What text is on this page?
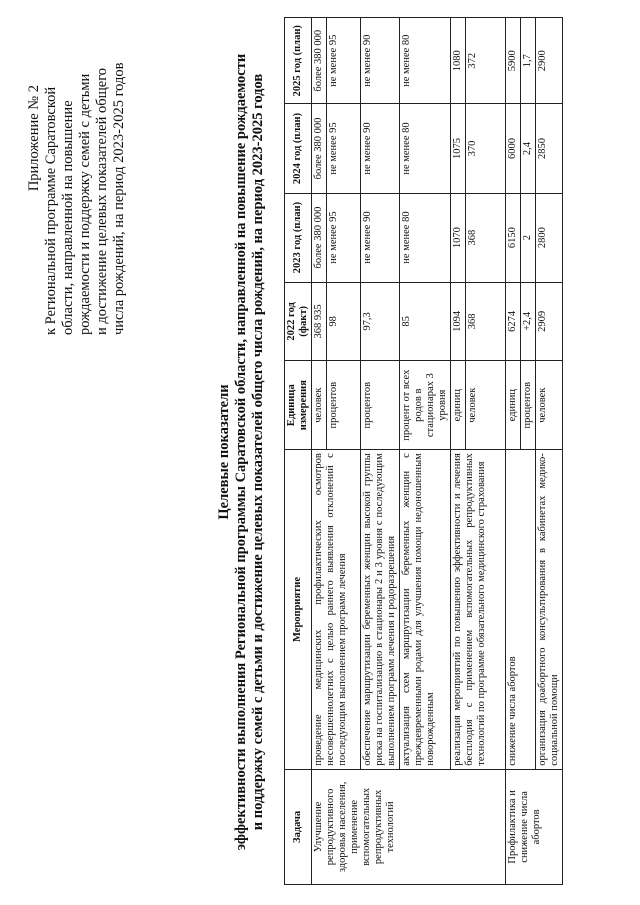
Приложение № 2 к Региональной программе Саратовской области, направленной на повышение рождаемости и поддержку семей с детьми и достижение целевых показателей общего числа рождений, на период 2023-2025 годов
Целевые показатели эффективности выполнения Региональной программы Саратовской области, направленной на повышение рождаемости и поддержку семей с детьми и достижение целевых показателей общего числа рождений, на период 2023-2025 годов Задача	Мероприятие	Единица измерения	2022 год (факт)	2023 год (план)	2024 год (план)	2025 год (план)
Улучшение репродуктивного здоровья населения, применение вспомогательных репродуктивных технологий	проведение медицинских профилактических осмотров несовершеннолетних с целью раннего выявления отклонений с последующим выполнением программ лечения	человек	368 935	более 380 000	более 380 000	более 380 000
		процентов	98	не менее 95	не менее 95	не менее 95
	обеспечение маршрутизации беременных женщин высокой группы риска на госпитализацию в стационары 2 и 3 уровня с последующим выполнением программ лечения и родоразрешения	процентов	97,3	не менее 90	не менее 90	не менее 90
	актуализация схем маршрутизации беременных женщин с преждевременными родами для улучшения помощи недоношенным новорожденным	процент от всех родов в стационарах 3 уровня	85	не менее 80	не менее 80	не менее 80
	реализация мероприятий по повышению эффективности и лечения бесплодия с применением вспомогательных репродуктивных технологий по программе обязательного медицинского страхования	единиц	1094	1070	1075	1080
		человек	368	368	370	372
Профилактика и снижение числа абортов	снижение числа абортов	единиц	6274	6150	6000	5900
		процентов	+2,4	2	2,4	1,7
	организация доабортного консультирования в кабинетах медико-социальной помощи	человек	2909	2800	2850	2900
